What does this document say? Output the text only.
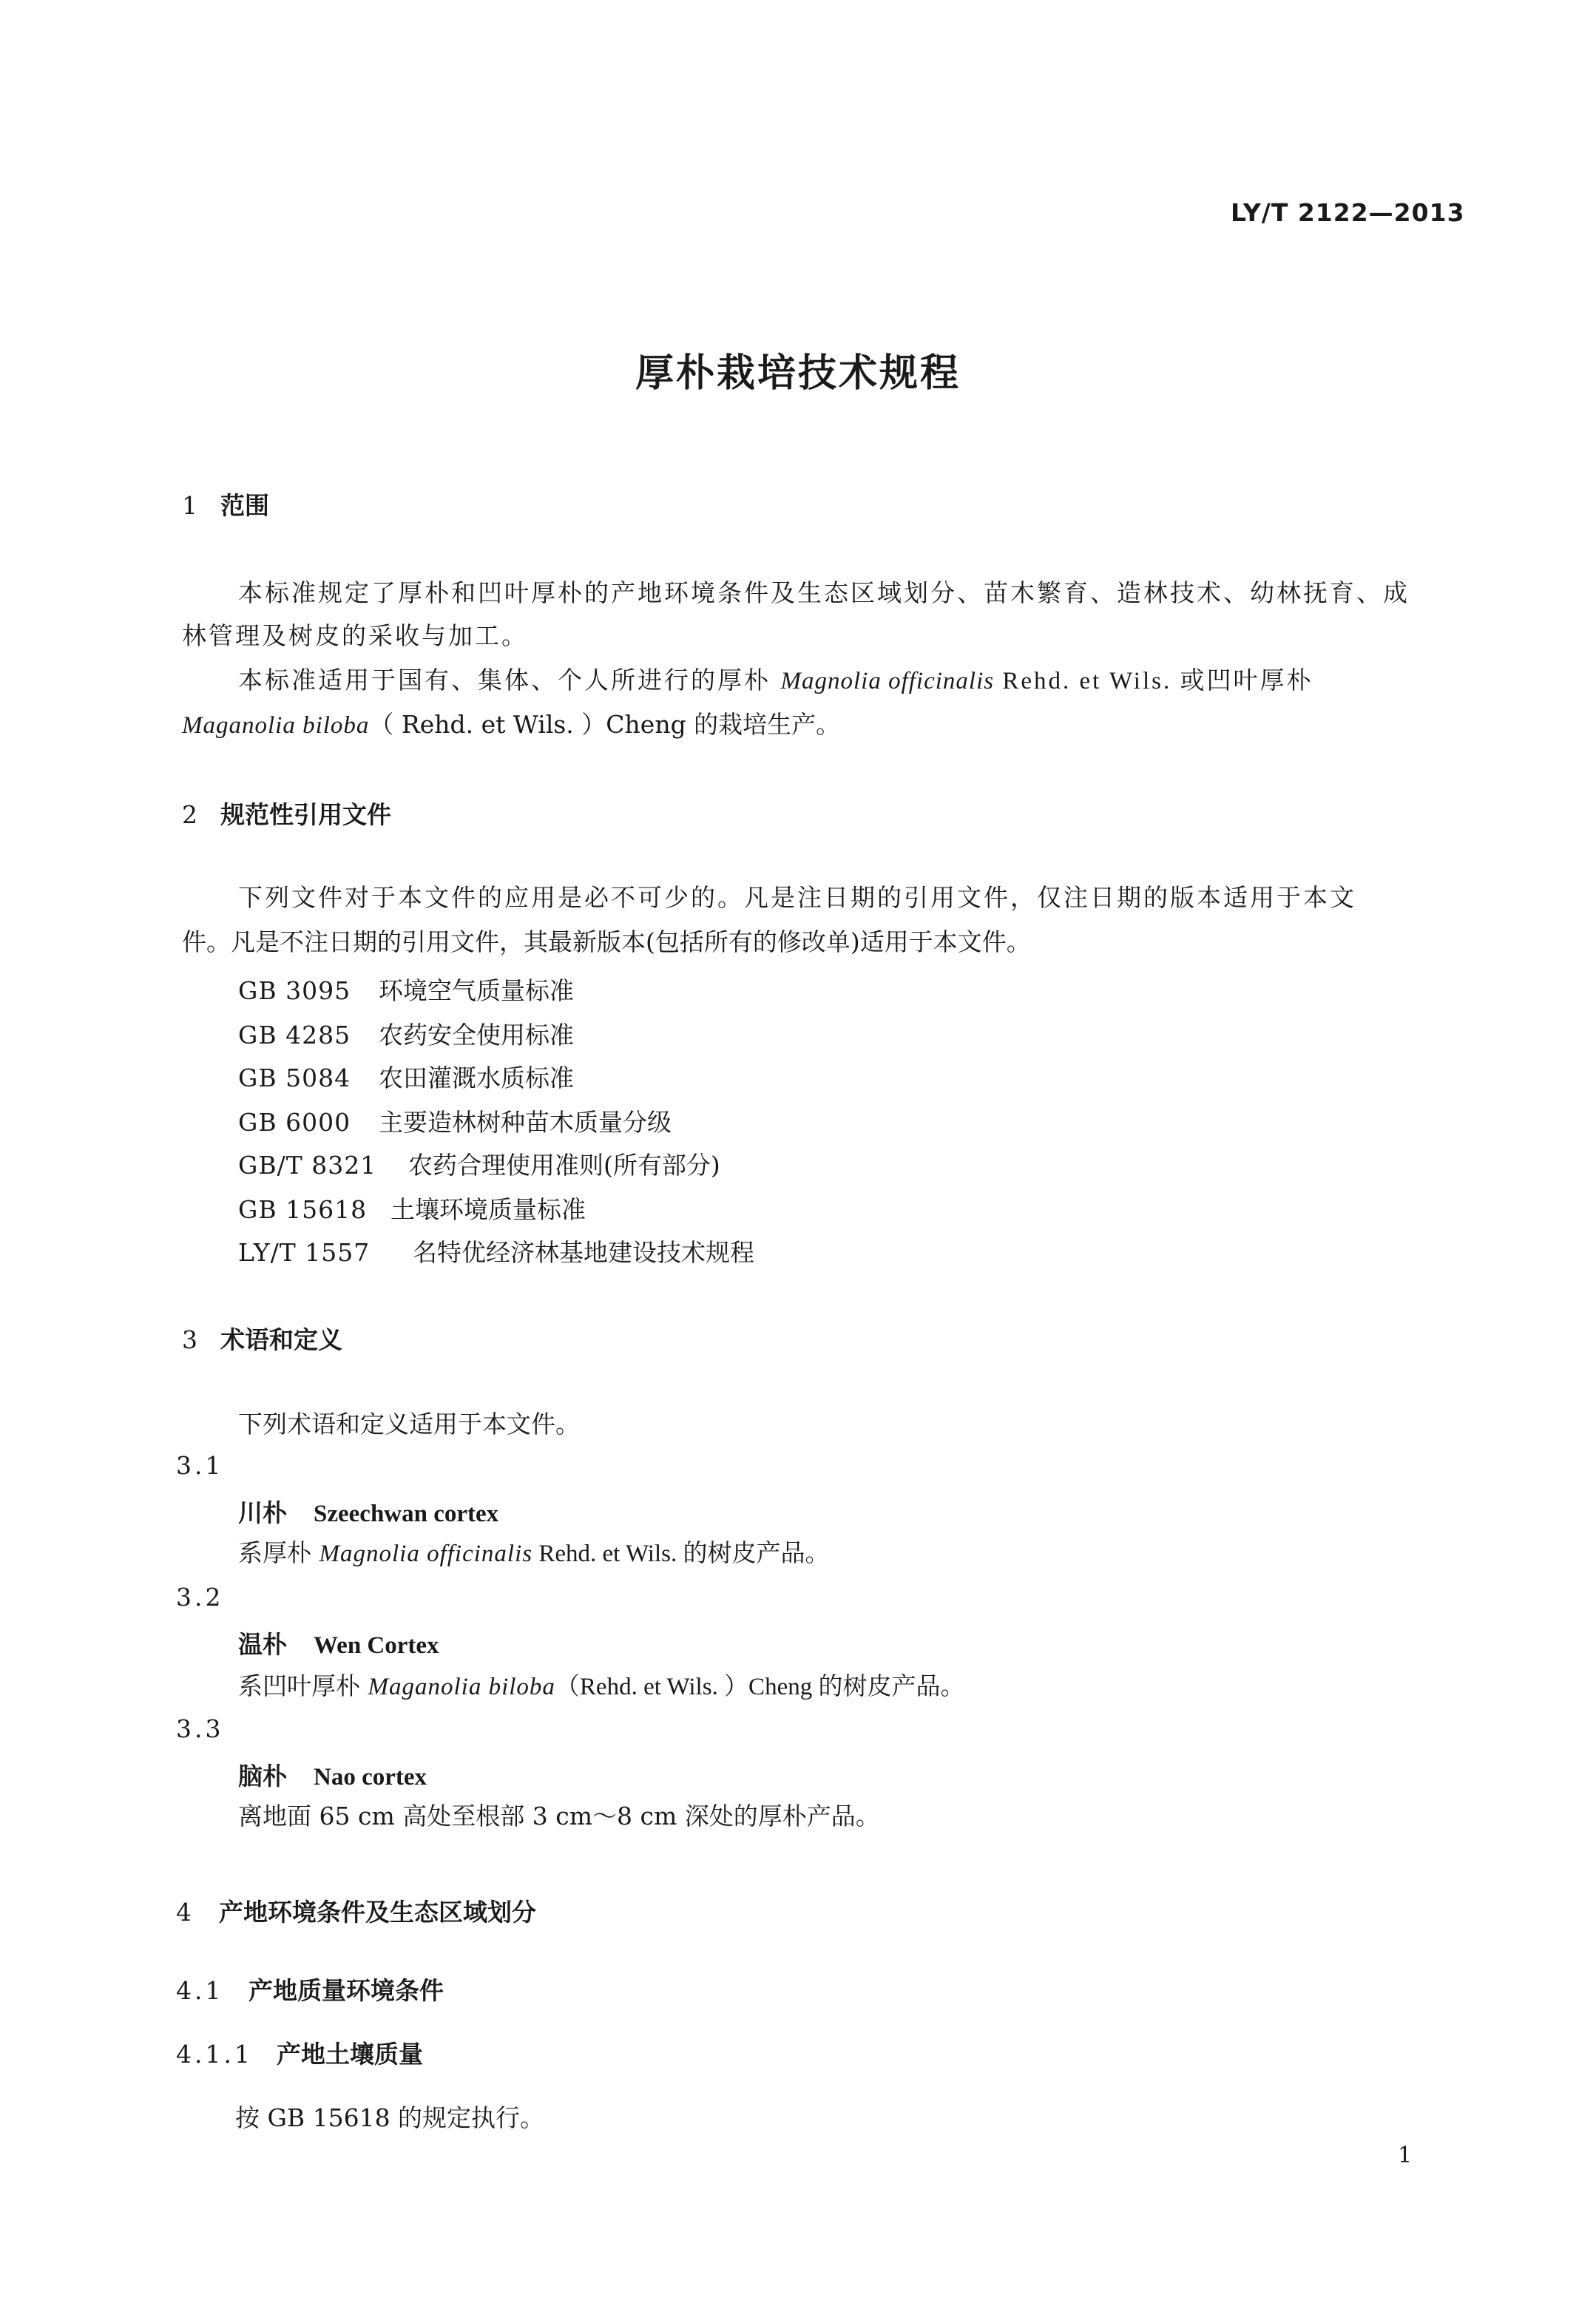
LY/T 2122—2013
厚朴栽培技术规程
1 范围
本标准规定了厚朴和凹叶厚朴的产地环境条件及生态区域划分、苗木繁育、造林技术、幼林抚育、成
林管理及树皮的采收与加工。
本标准适用于国有、集体、个人所进行的厚朴 Magnolia officinalis Rehd. et Wils. 或凹叶厚朴
Maganolia biloba（ Rehd. et Wils. ）Cheng 的栽培生产。
2 规范性引用文件
下列文件对于本文件的应用是必不可少的。凡是注日期的引用文件，仅注日期的版本适用于本文
件。凡是不注日期的引用文件，其最新版本(包括所有的修改单)适用于本文件。
GB 3095 环境空气质量标准
GB 4285 农药安全使用标准
GB 5084 农田灌溉水质标准
GB 6000 主要造林树种苗木质量分级
GB/T 8321 农药合理使用准则(所有部分)
GB 15618 土壤环境质量标准
LY/T 1557 名特优经济林基地建设技术规程
3 术语和定义
下列术语和定义适用于本文件。
3.1
川朴 Szeechwan cortex
系厚朴 Magnolia officinalis Rehd. et Wils. 的树皮产品。
3.2
温朴 Wen Cortex
系凹叶厚朴 Maganolia biloba（Rehd. et Wils. ）Cheng 的树皮产品。
3.3
脑朴 Nao cortex
离地面 65 cm 高处至根部 3 cm～8 cm 深处的厚朴产品。
4 产地环境条件及生态区域划分
4.1 产地质量环境条件
4.1.1 产地土壤质量
按 GB 15618 的规定执行。
1
